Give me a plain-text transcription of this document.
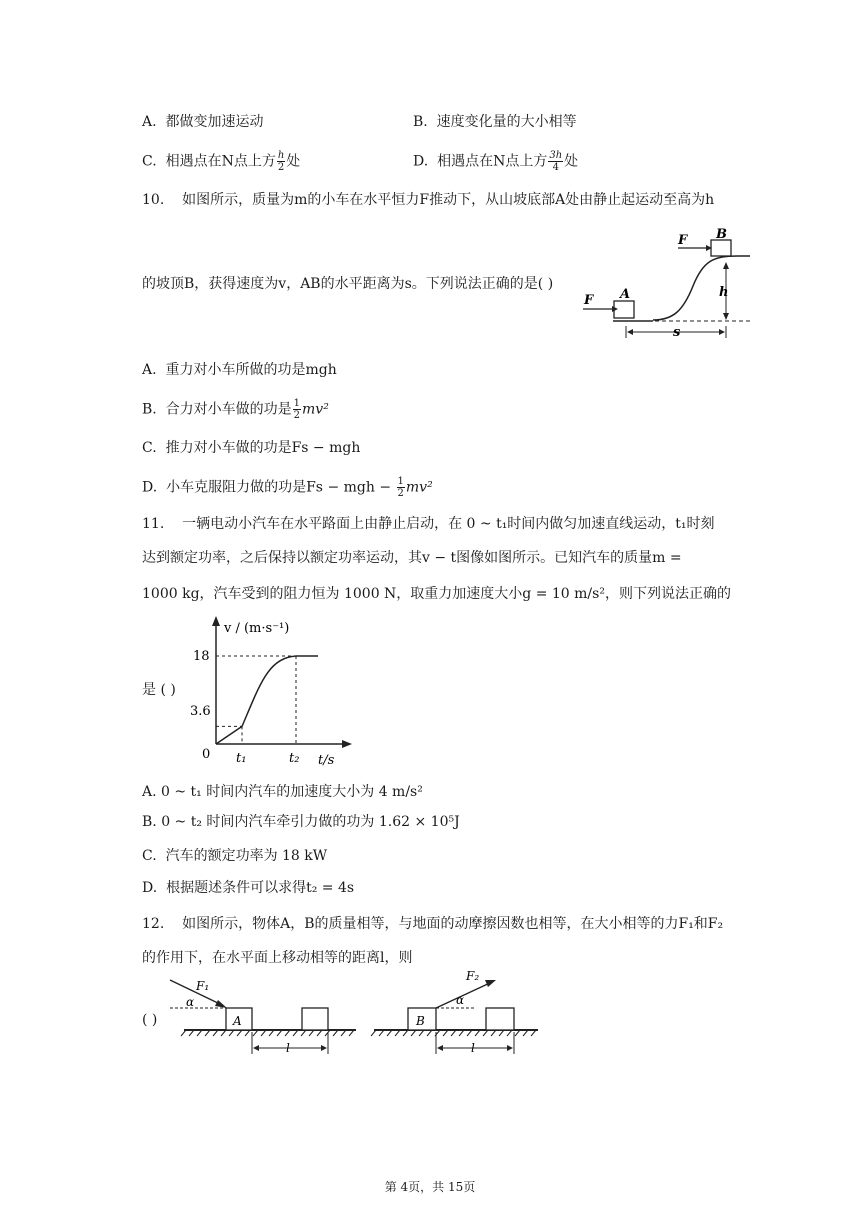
A. 都做变加速运动	B. 速度变化量的大小相等
C. 相遇点在N点上方 $\frac{h}{2}$ 处	D. 相遇点在N点上方 $\frac{3h}{4}$ 处
10. 如图所示，质量为m的小车在水平恒力F推动下，从山坡底部A处由静止起运动至高为h
的坡顶B，获得速度为v，AB的水平距离为s。下列说法正确的是( )
A
F
B
F
h
s
A. 重力对小车所做的功是mgh
B. 合力对小车做的功是 $\frac{1}{2} mv^2$
C. 推力对小车做的功是Fs − mgh
D. 小车克服阻力做的功是Fs − mgh − $\frac{1}{2} mv^2$
11. 一辆电动小汽车在水平路面上由静止启动，在 0 ~ t₁时间内做匀加速直线运动，t₁时刻
达到额定功率，之后保持以额定功率运动，其v − t图像如图所示。已知汽车的质量m =
1000 kg，汽车受到的阻力恒为 1000 N，取重力加速度大小g = 10 m/s²，则下列说法正确的
是 ( )
v / (m·s⁻¹)
t/s
0
18
3.6
t₁	t₂
A. 0 ~ t₁ 时间内汽车的加速度大小为 4 m/s²
B. 0 ~ t₂ 时间内汽车牵引力做的功为 1.62 × 10⁵J
C. 汽车的额定功率为 18 kW
D. 根据题述条件可以求得t₂ = 4s
12. 如图所示，物体A，B的质量相等，与地面的动摩擦因数也相等，在大小相等的力F₁和F₂
的作用下，在水平面上移动相等的距离l，则
( )	A
F₁
α
l
B
F₂
α
l
第 4页，共 15页
